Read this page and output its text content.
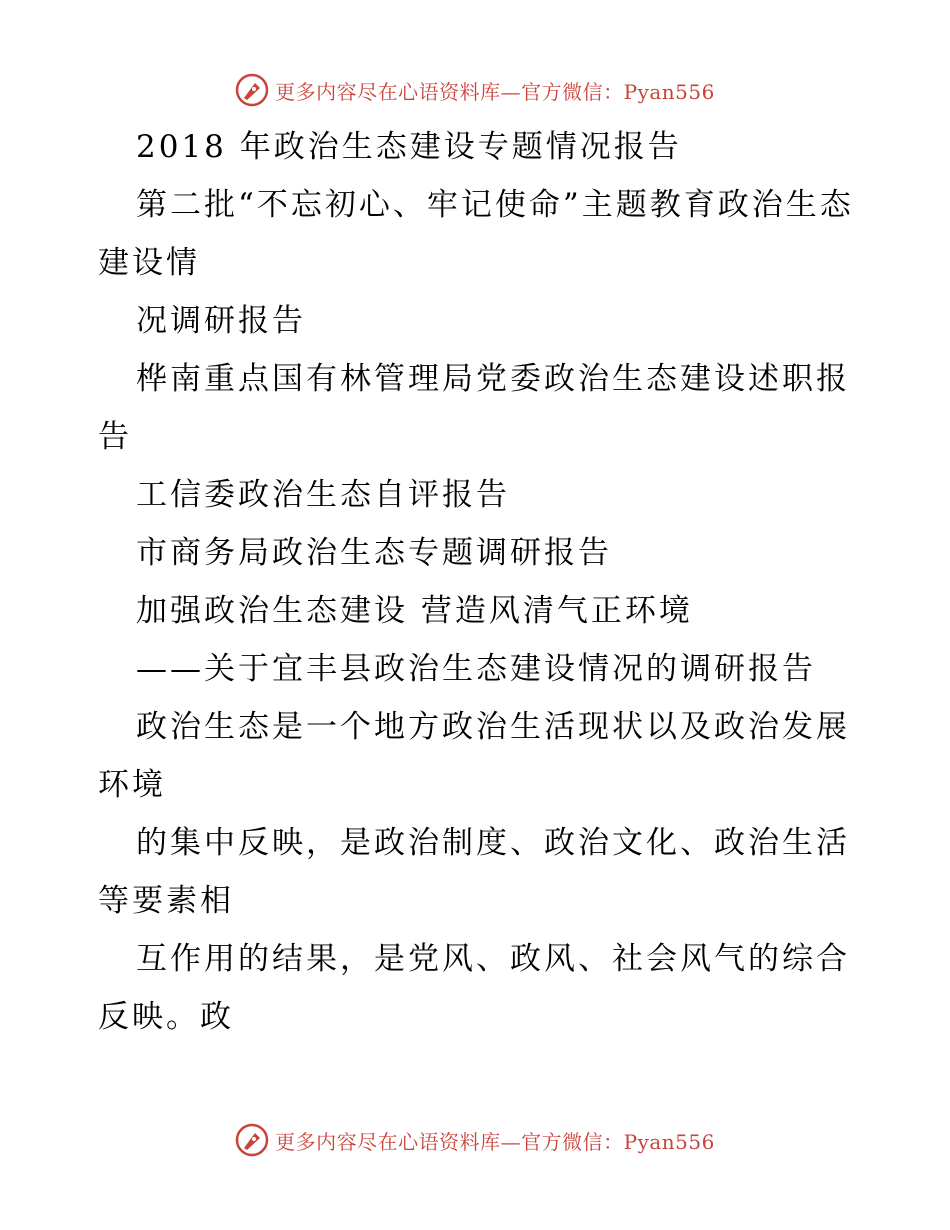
更多内容尽在心语资料库—官方微信：Pyan556

2018 年政治生态建设专题情况报告

第二批“不忘初心、牢记使命”主题教育政治生态建设情

况调研报告

桦南重点国有林管理局党委政治生态建设述职报告

工信委政治生态自评报告

市商务局政治生态专题调研报告

加强政治生态建设 营造风清气正环境

——关于宜丰县政治生态建设情况的调研报告

政治生态是一个地方政治生活现状以及政治发展环境

的集中反映，是政治制度、政治文化、政治生活等要素相

互作用的结果，是党风、政风、社会风气的综合反映。政

更多内容尽在心语资料库—官方微信：Pyan556
